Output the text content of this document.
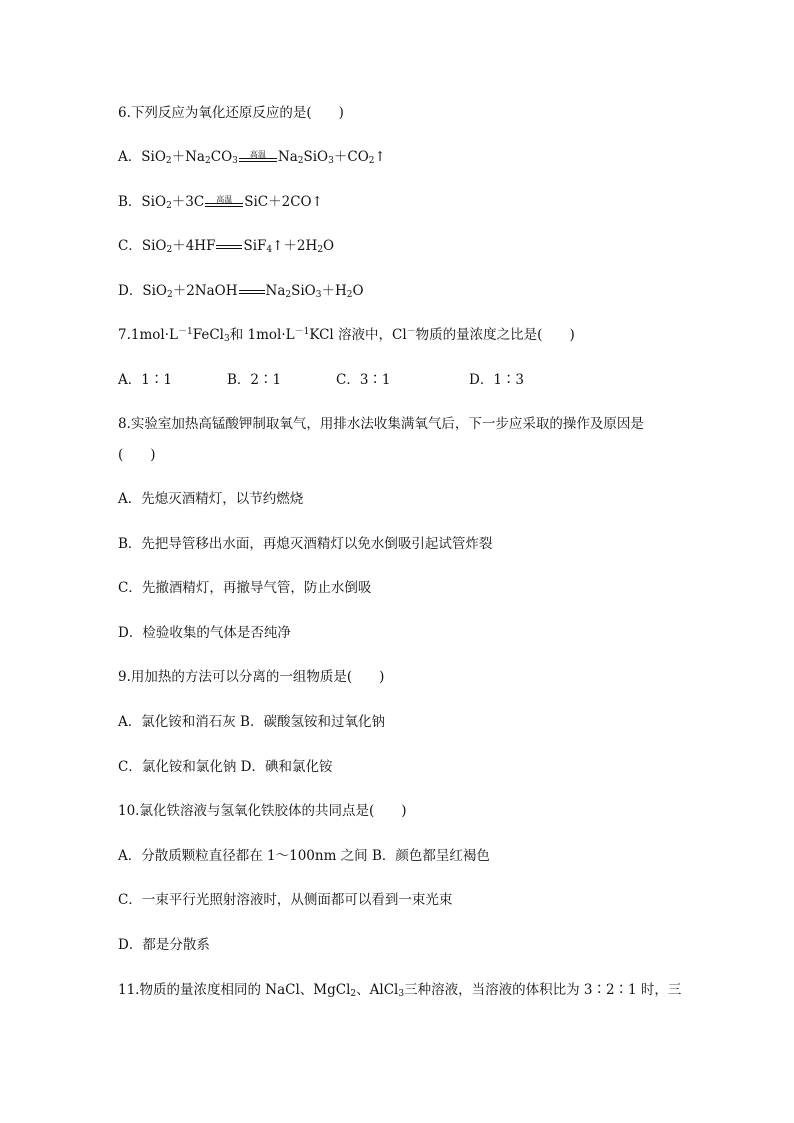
6.下列反应为氧化还原反应的是(　　)
A．$SiO_2+Na_2CO_3$
高温 $Na_2SiO_3+CO_2↑$
B．SiO$_2$＋3C	高温 SiC＋2CO↑
C．SiO$_2$＋4HF $SiF_4↑+2H_2O$
D．SiO$_2$＋2NaOH $Na_2SiO_3+H_2O$
$7.1mol\cdot L^{-1}FeCl_3$和 $1mol\cdot L^{-1}KCl$ 溶液中，Cl－物质的量浓度之比是(　　)
A．1∶1	B．2∶1	C．3∶1	D．1∶3
8.实验室加热高锰酸钾制取氧气，用排水法收集满氧气后，下一步应采取的操作及原因是
(　　)
A．先熄灭酒精灯，以节约燃烧
B．先把导管移出水面，再熄灭酒精灯以免水倒吸引起试管炸裂
C．先撤酒精灯，再撤导气管，防止水倒吸
D．检验收集的气体是否纯净
9.用加热的方法可以分离的一组物质是(　　)
A．氯化铵和消石灰 B．碳酸氢铵和过氧化钠
C．氯化铵和氯化钠 D．碘和氯化铵
10.氯化铁溶液与氢氧化铁胶体的共同点是(　　)
A．分散质颗粒直径都在 1～100nm 之间 B．颜色都呈红褐色
C．一束平行光照射溶液时，从侧面都可以看到一束光束
D．都是分散系
11.物质的量浓度相同的 NaCl、MgCl$_2$、AlCl$_3$三种溶液，当溶液的体积比为 3∶2∶1 时，三
